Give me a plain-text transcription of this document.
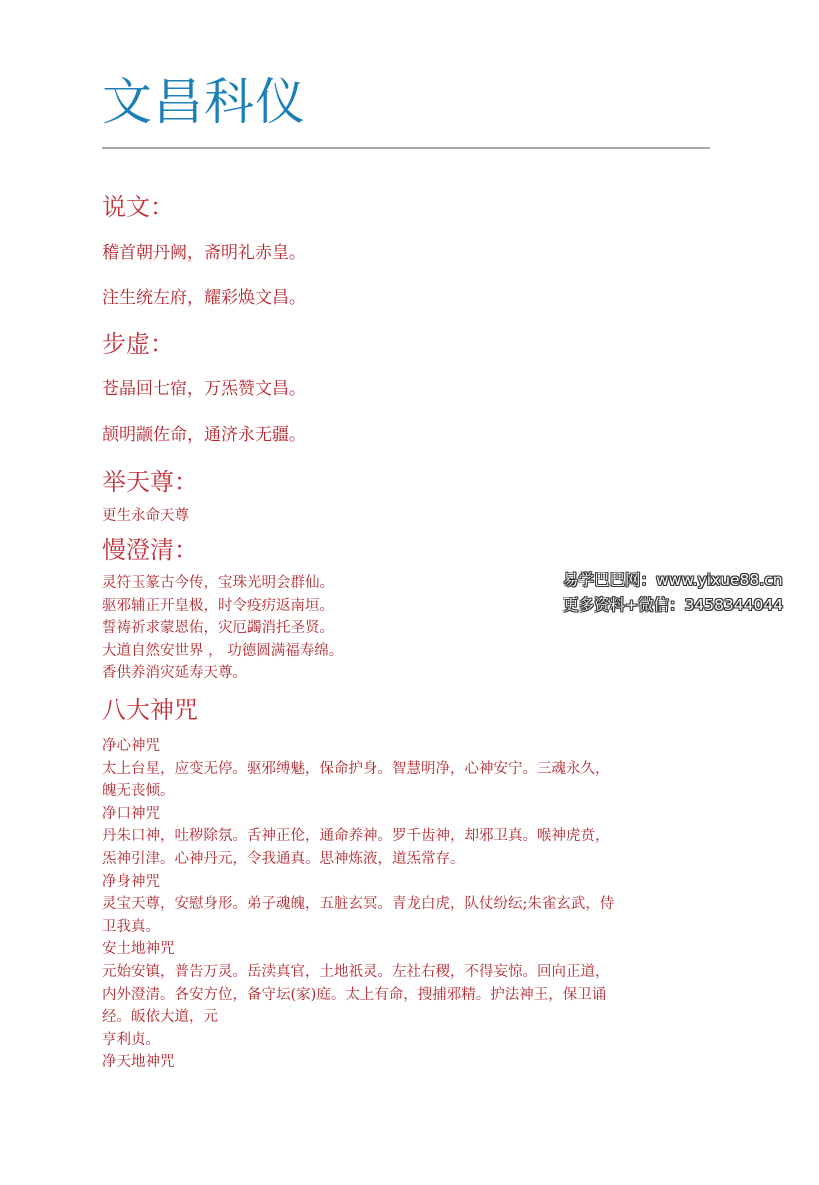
文昌科仪
说文：

稽首朝丹阙，斋明礼赤皇。

注生统左府，耀彩焕文昌。

步虚：

苍晶回七宿，万炁赞文昌。

颉明颛佐命，通济永无疆。

举天尊：
更生永命天尊
慢澄清：
灵符玉篆古今传，宝珠光明会群仙。
驱邪辅正开皇极，时令疫疠返南垣。
誓祷祈求蒙恩佑，灾厄蠲消托圣贤。
大道自然安世界 ， 功德圆满福寿绵。
香供养消灾延寿天尊。
八大神咒
净心神咒
太上台星，应变无停。驱邪缚魅，保命护身。智慧明净，心神安宁。三魂永久，
魄无丧倾。
净口神咒
丹朱口神，吐秽除氛。舌神正伦，通命养神。罗千齿神，却邪卫真。喉神虎贲，
炁神引津。心神丹元，令我通真。思神炼液，道炁常存。
净身神咒
灵宝天尊，安慰身形。弟子魂魄，五脏玄冥。青龙白虎，队仗纷纭;朱雀玄武，侍
卫我真。
安土地神咒
元始安镇，普告万灵。岳渎真官，土地祇灵。左社右稷，不得妄惊。回向正道，
内外澄清。各安方位，备守坛(家)庭。太上有命，搜捕邪精。护法神王，保卫诵
经。皈依大道，元
亨利贞。
净天地神咒
易学巴巴网：www.yixue88.cn
更多资料+微信：3458344044
